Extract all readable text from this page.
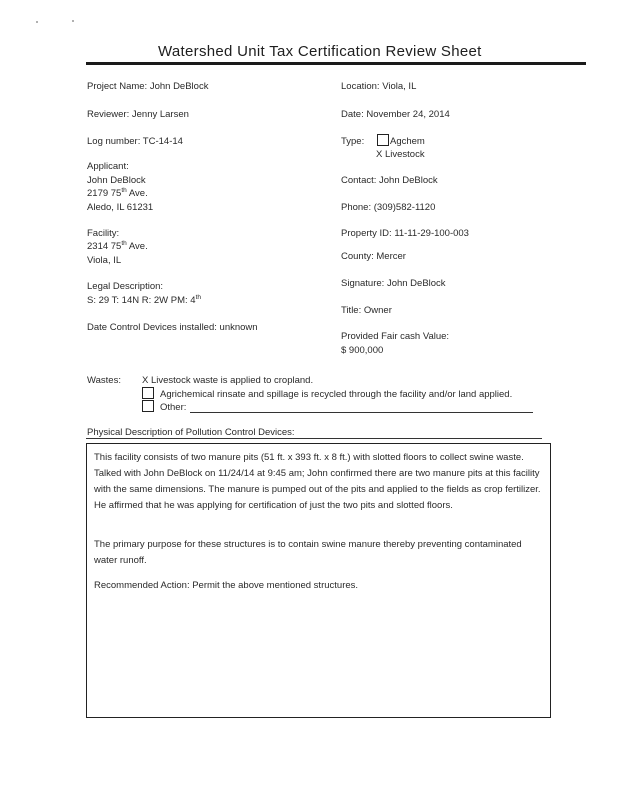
Watershed Unit Tax Certification Review Sheet
Project Name: John DeBlock
Reviewer: Jenny Larsen
Log number: TC-14-14
Applicant:
John DeBlock
2179 75th Ave.
Aledo, IL 61231
Facility:
2314 75th Ave.
Viola, IL
Legal Description:
S: 29 T: 14N R: 2W PM: 4th
Date Control Devices installed: unknown
Location: Viola, IL
Date: November 24, 2014
Type:	Agchem
X Livestock
Contact: John DeBlock
Phone: (309)582-1120
Property ID: 11-11-29-100-003
County: Mercer
Signature: John DeBlock
Title: Owner
Provided Fair cash Value:
$ 900,000
Wastes: X Livestock waste is applied to cropland.
Agrichemical rinsate and spillage is recycled through the facility and/or land applied.
Other:
Physical Description of Pollution Control Devices:
This facility consists of two manure pits (51 ft. x 393 ft. x 8 ft.) with slotted floors to collect swine waste. Talked with John DeBlock on 11/24/14 at 9:45 am; John confirmed there are two manure pits at this facility with the same dimensions. The manure is pumped out of the pits and applied to the fields as crop fertilizer. He affirmed that he was applying for certification of just the two pits and slotted floors.
The primary purpose for these structures is to contain swine manure thereby preventing contaminated water runoff.
Recommended Action: Permit the above mentioned structures.
